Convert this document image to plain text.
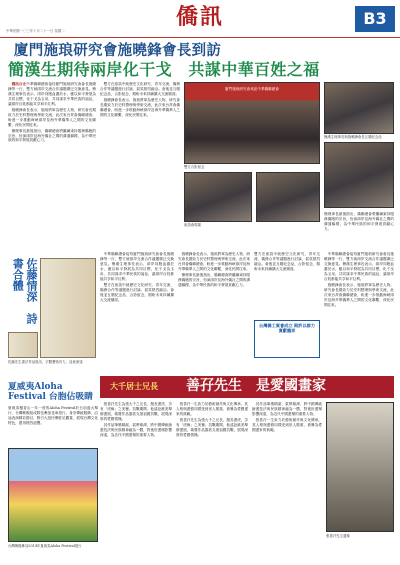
僑訊
中華民國一〇三年十月二十一日 星期二
B3
廈門施琅研究會施曉鋒會長到訪
簡漢生期待兩岸化干戈　共謀中華百姓之福

僑訊台北中華僑聯總會接待廈門施琅研究會會長施曉鋒等一行，雙方就兩岸交流合作議題廣泛交換意見。簡漢生理事長表示，兩岸同胞血濃於水，應以和平發展為共同目標，化干戈為玉帛，共同謀求中華民族的福祉，讓兩岸百姓都能共享和平紅利。

施曉鋒會長表示，施琅將軍為歷史人物，研究會長期致力於史料整理與學術交流，此次來台拜會僑聯總會，盼進一步推動海峽兩岸及海外華僑華人之間的文化聯繫，深化民間往來。

簡理事長最後指出，僑聯總會將繼續秉持服務僑胞的宗旨，扮演兩岸及海外僑社之間的溝通橋樑，為中華民族的和平發展貢獻心力。

雙方在座談中就歷史文化研究、青年交流、僑務合作等議題進行討論，氣氛熱烈融洽。會後並互贈紀念品，合影留念，期盼未來持續擴大交流層面。

施曉鋒會長表示，施琅將軍為歷史人物，研究會長期致力於史料整理與學術交流，此次來台拜會僑聯總會，盼進一步推動海峽兩岸及海外華僑華人之間的文化聯繫，深化民間往來。

廈門施琅研究會來訪中華僑聯總會
雙方合影留念
簡漢生理事長與施曉鋒會長互贈紀念品
座談會現場
簡理事長最後指出，僑聯總會將繼續秉持服務僑胞的宗旨，扮演兩岸及海外僑社之間的溝通橋樑，為中華民族的和平發展貢獻心力。
佐藤情深　詩書合體
佐藤先生書法作品展出，字體蒼勁有力，詩意深遠

中華僑聯總會接待廈門施琅研究會會長施曉鋒等一行，雙方就兩岸交流合作議題廣泛交換意見。簡漢生理事長表示，兩岸同胞血濃於水，應以和平發展為共同目標，化干戈為玉帛，共同謀求中華民族的福祉，讓兩岸百姓都能共享和平紅利。

雙方在座談中就歷史文化研究、青年交流、僑務合作等議題進行討論，氣氛熱烈融洽。會後並互贈紀念品，合影留念，期盼未來持續擴大交流層面。

施曉鋒會長表示，施琅將軍為歷史人物，研究會長期致力於史料整理與學術交流，此次來台拜會僑聯總會，盼進一步推動海峽兩岸及海外華僑華人之間的文化聯繫，深化民間往來。

簡理事長最後指出，僑聯總會將繼續秉持服務僑胞的宗旨，扮演兩岸及海外僑社之間的溝通橋樑，為中華民族的和平發展貢獻心力。

雙方在座談中就歷史文化研究、青年交流、僑務合作等議題進行討論，氣氛熱烈融洽。會後並互贈紀念品，合影留念，期盼未來持續擴大交流層面。
台灣僑工貿會成立 期許以群力責獻龍祥

中華僑聯總會接待廈門施琅研究會會長施曉鋒等一行，雙方就兩岸交流合作議題廣泛交換意見。簡漢生理事長表示，兩岸同胞血濃於水，應以和平發展為共同目標，化干戈為玉帛，共同謀求中華民族的福祉，讓兩岸百姓都能共享和平紅利。

施曉鋒會長表示，施琅將軍為歷史人物，研究會長期致力於史料整理與學術交流，此次來台拜會僑聯總會，盼進一步推動海峽兩岸及海外華僑華人之間的文化聯繫，深化民間往來。

大千居士兄長 善孖先生　是愛國畫家

張善孖先生為張大千之兄長，擅長畫虎，享有「虎痴」之美譽。抗戰期間，他遠赴歐美舉辦畫展，義賣作品籌款支援祖國抗戰，展現深厚的愛國情操。

其作品筆墨精湛，氣勢雄渾，將中國傳統繪畫技法與民族精神融為一體，對後世畫壇影響深遠，為近代中國畫壇的重要人物。

張善孖一生致力於藝術創作與文化傳承，其人格與畫藝同樣受到世人敬重，被譽為愛國畫家的典範。

張善孖先生為張大千之兄長，擅長畫虎，享有「虎痴」之美譽。抗戰期間，他遠赴歐美舉辦畫展，義賣作品籌款支援祖國抗戰，展現深厚的愛國情操。

其作品筆墨精湛，氣勢雄渾，將中國傳統繪畫技法與民族精神融為一體，對後世畫壇影響深遠，為近代中國畫壇的重要人物。

張善孖一生致力於藝術創作與文化傳承，其人格與畫藝同樣受到世人敬重，被譽為愛國畫家的典範。

張善孖先生遺像
夏威夷Aloha Festival 台胞佔吸睛
夏威夷檀香山一年一度的Aloha Festival於日前盛大舉行，台灣鄉親組成隊伍參加花車遊行，身穿傳統服飾，沿途表演精彩節目，吸引大批民眾駐足觀賞，展現台灣文化特色，獲得熱烈迴響。
台灣鄉親參加2014年夏威夷Aloha Festival遊行
